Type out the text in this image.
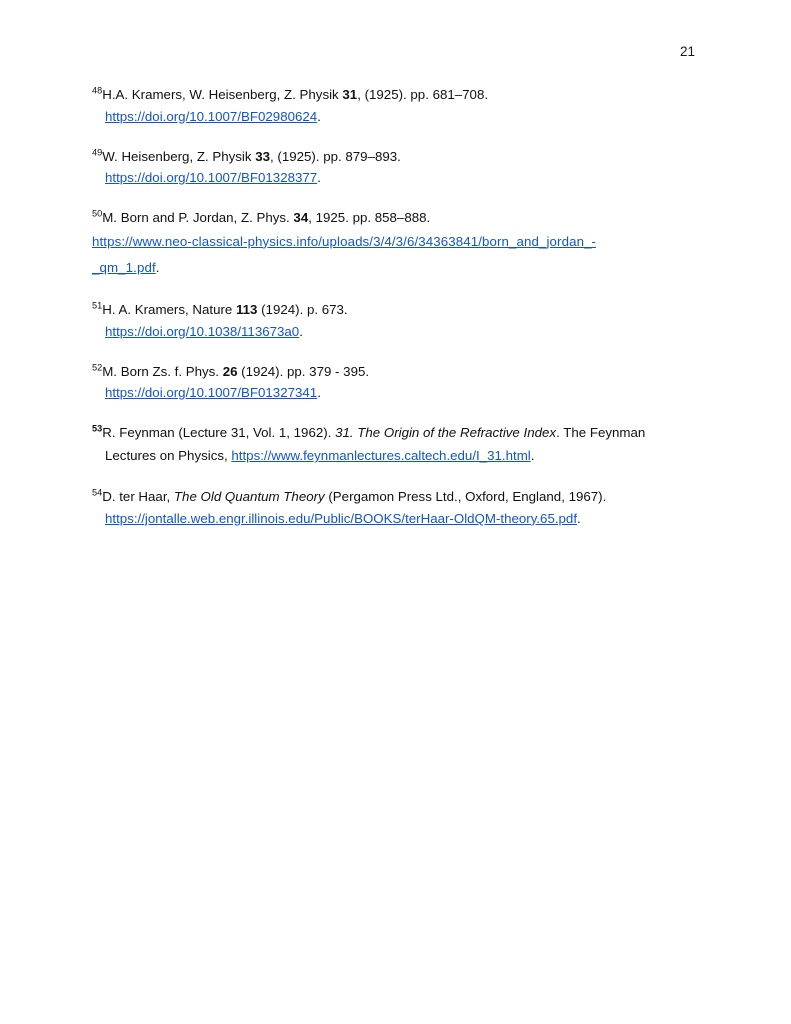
21
$^{48}$H.A. Kramers, W. Heisenberg, Z. Physik 31, (1925). pp. 681–708.
https://doi.org/10.1007/BF02980624.
$^{49}$W. Heisenberg, Z. Physik 33, (1925). pp. 879–893.
https://doi.org/10.1007/BF01328377.
$^{50}$M. Born and P. Jordan, Z. Phys. 34, 1925. pp. 858–888.
https://www.neo-classical-physics.info/uploads/3/4/3/6/34363841/born_and_jordan_-
_qm_1.pdf.
$^{51}$H. A. Kramers, Nature 113 (1924). p. 673.
https://doi.org/10.1038/113673a0.
$^{52}$M. Born Zs. f. Phys. 26 (1924). pp. 379 - 395.
https://doi.org/10.1007/BF01327341.
$^{53}$R. Feynman (Lecture 31, Vol. 1, 1962). 31. The Origin of the Refractive Index. The Feynman
Lectures on Physics, https://www.feynmanlectures.caltech.edu/I_31.html.
$^{54}$D. ter Haar, The Old Quantum Theory (Pergamon Press Ltd., Oxford, England, 1967).
https://jontalle.web.engr.illinois.edu/Public/BOOKS/terHaar-OldQM-theory.65.pdf.
